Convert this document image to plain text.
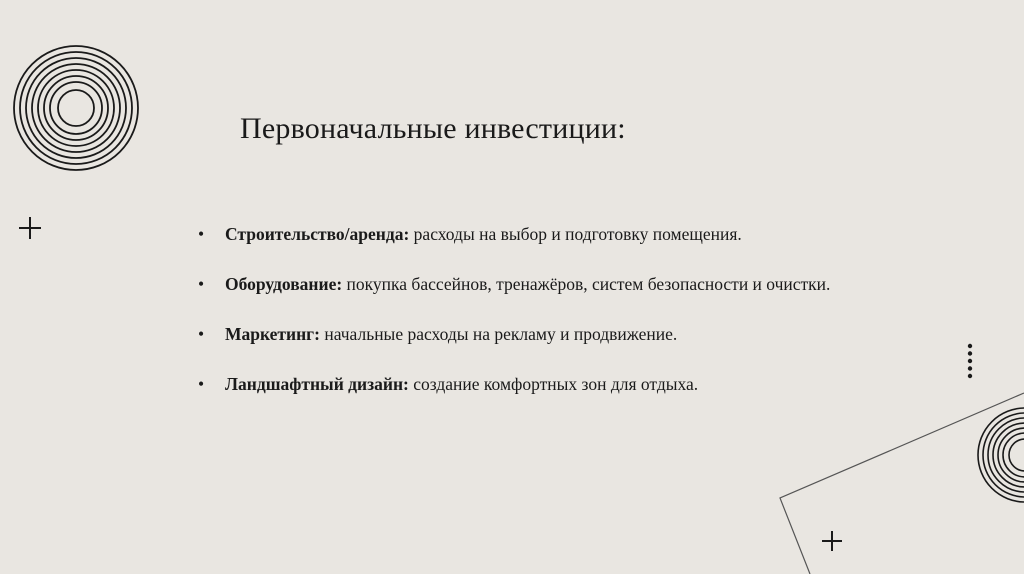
Первоначальные инвестиции:
• Строительство/аренда: расходы на выбор и подготовку помещения.
• Оборудование: покупка бассейнов, тренажёров, систем безопасности и очистки.
• Маркетинг: начальные расходы на рекламу и продвижение.
• Ландшафтный дизайн: создание комфортных зон для отдыха.
